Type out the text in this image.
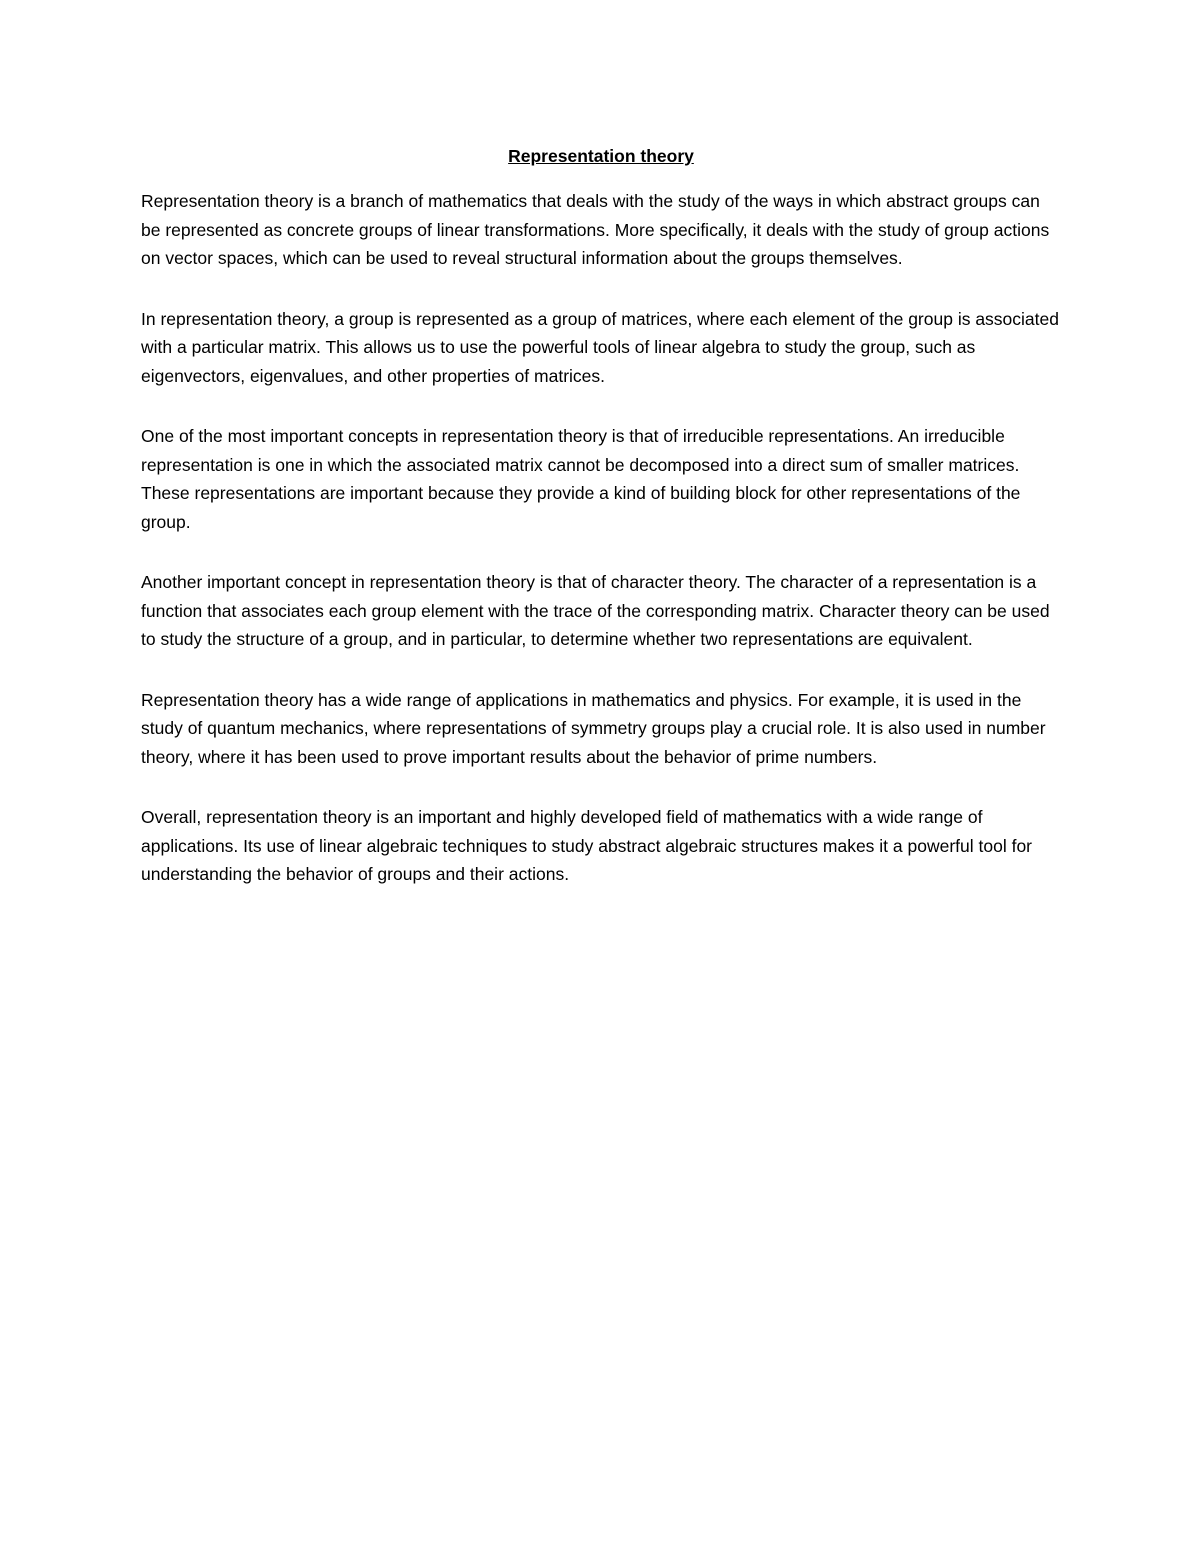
Representation theory

Representation theory is a branch of mathematics that deals with the study of the ways in which abstract groups can be represented as concrete groups of linear transformations. More specifically, it deals with the study of group actions on vector spaces, which can be used to reveal structural information about the groups themselves.

In representation theory, a group is represented as a group of matrices, where each element of the group is associated with a particular matrix. This allows us to use the powerful tools of linear algebra to study the group, such as eigenvectors, eigenvalues, and other properties of matrices.

One of the most important concepts in representation theory is that of irreducible representations. An irreducible representation is one in which the associated matrix cannot be decomposed into a direct sum of smaller matrices. These representations are important because they provide a kind of building block for other representations of the group.

Another important concept in representation theory is that of character theory. The character of a representation is a function that associates each group element with the trace of the corresponding matrix. Character theory can be used to study the structure of a group, and in particular, to determine whether two representations are equivalent.

Representation theory has a wide range of applications in mathematics and physics. For example, it is used in the study of quantum mechanics, where representations of symmetry groups play a crucial role. It is also used in number theory, where it has been used to prove important results about the behavior of prime numbers.

Overall, representation theory is an important and highly developed field of mathematics with a wide range of applications. Its use of linear algebraic techniques to study abstract algebraic structures makes it a powerful tool for understanding the behavior of groups and their actions.
